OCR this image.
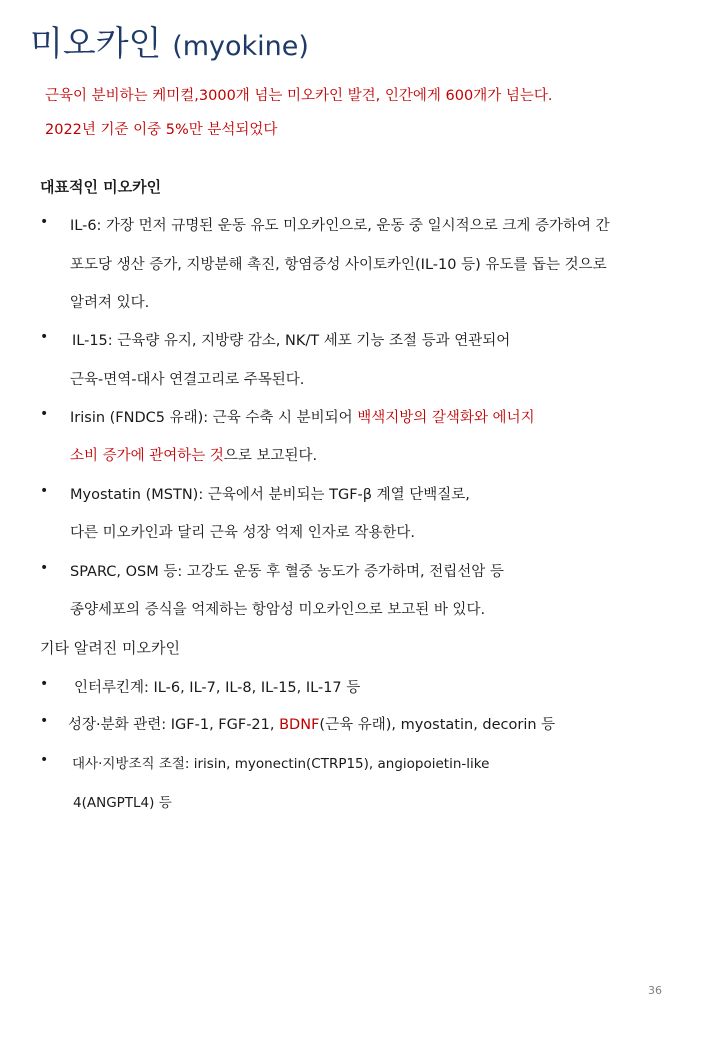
미오카인 (myokine)
근육이 분비하는 케미컬,3000개 넘는 미오카인 발견, 인간에게 600개가 넘는다.
2022년 기준 이중 5%만 분석되었다
대표적인 미오카인
• IL-6: 가장 먼저 규명된 운동 유도 미오카인으로, 운동 중 일시적으로 크게 증가하여 간
포도당 생산 증가, 지방분해 촉진, 항염증성 사이토카인(IL-10 등) 유도를 돕는 것으로
알려져 있다.
• IL-15: 근육량 유지, 지방량 감소, NK/T 세포 기능 조절 등과 연관되어
근육-면역-대사 연결고리로 주목된다.
• Irisin (FNDC5 유래): 근육 수축 시 분비되어 백색지방의 갈색화와 에너지
소비 증가에 관여하는 것으로 보고된다.
• Myostatin (MSTN): 근육에서 분비되는 TGF-β 계열 단백질로,
다른 미오카인과 달리 근육 성장 억제 인자로 작용한다.
• SPARC, OSM 등: 고강도 운동 후 혈중 농도가 증가하며, 전립선암 등
종양세포의 증식을 억제하는 항암성 미오카인으로 보고된 바 있다.
기타 알려진 미오카인
• 인터루킨계: IL-6, IL-7, IL-8, IL-15, IL-17 등
• 성장·분화 관련: IGF-1, FGF-21, BDNF(근육 유래), myostatin, decorin 등
• 대사·지방조직 조절: irisin, myonectin(CTRP15), angiopoietin-like
4(ANGPTL4) 등
36
